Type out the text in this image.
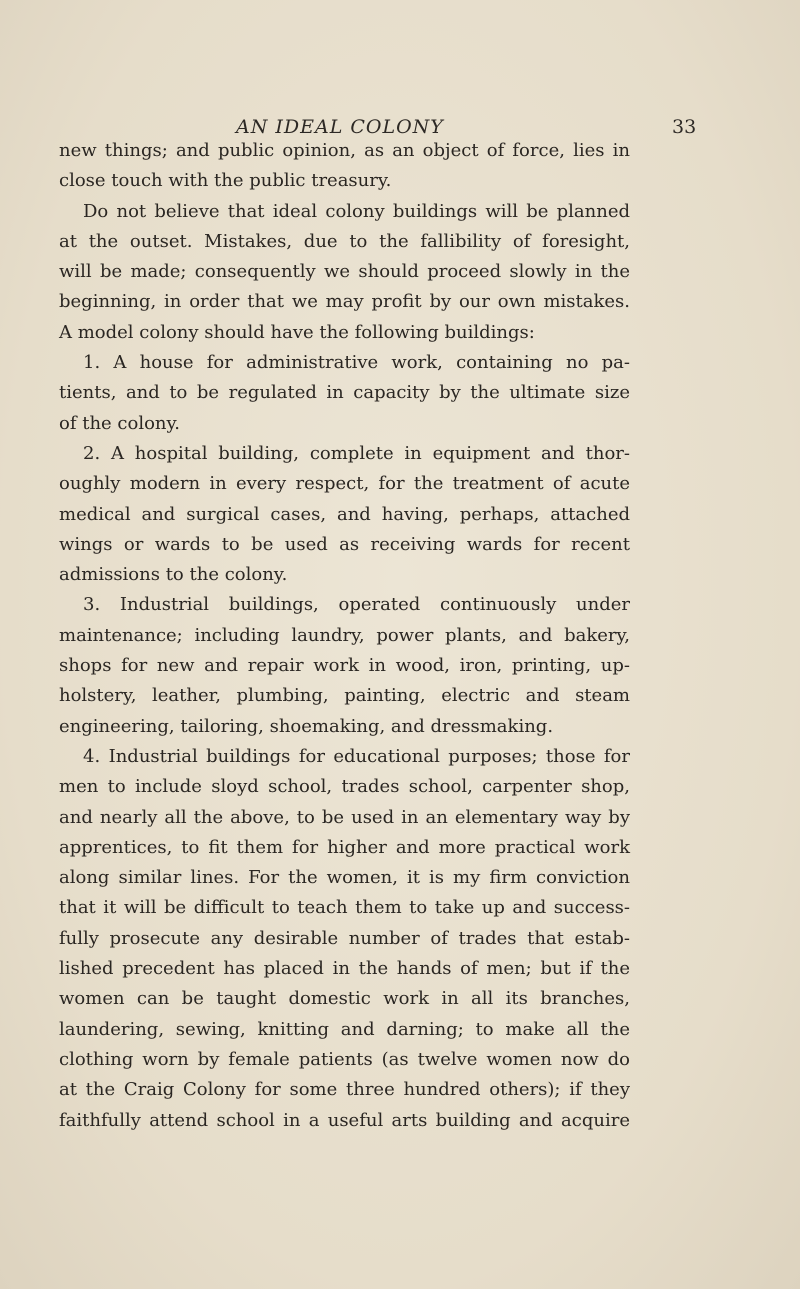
AN IDEAL COLONY	33
new things; and public opinion, as an object of force, lies in
close touch with the public treasury.
Do not believe that ideal colony buildings will be planned
at the outset. Mistakes, due to the fallibility of foresight,
will be made; consequently we should proceed slowly in the
beginning, in order that we may profit by our own mistakes.
A model colony should have the following buildings:
1. A house for administrative work, containing no pa-
tients, and to be regulated in capacity by the ultimate size
of the colony.
2. A hospital building, complete in equipment and thor-
oughly modern in every respect, for the treatment of acute
medical and surgical cases, and having, perhaps, attached
wings or wards to be used as receiving wards for recent
admissions to the colony.
3. Industrial buildings, operated continuously under
maintenance; including laundry, power plants, and bakery,
shops for new and repair work in wood, iron, printing, up-
holstery, leather, plumbing, painting, electric and steam
engineering, tailoring, shoemaking, and dressmaking.
4. Industrial buildings for educational purposes; those for
men to include sloyd school, trades school, carpenter shop,
and nearly all the above, to be used in an elementary way by
apprentices, to fit them for higher and more practical work
along similar lines. For the women, it is my firm conviction
that it will be difficult to teach them to take up and success-
fully prosecute any desirable number of trades that estab-
lished precedent has placed in the hands of men; but if the
women can be taught domestic work in all its branches,
laundering, sewing, knitting and darning; to make all the
clothing worn by female patients (as twelve women now do
at the Craig Colony for some three hundred others); if they
faithfully attend school in a useful arts building and acquire
